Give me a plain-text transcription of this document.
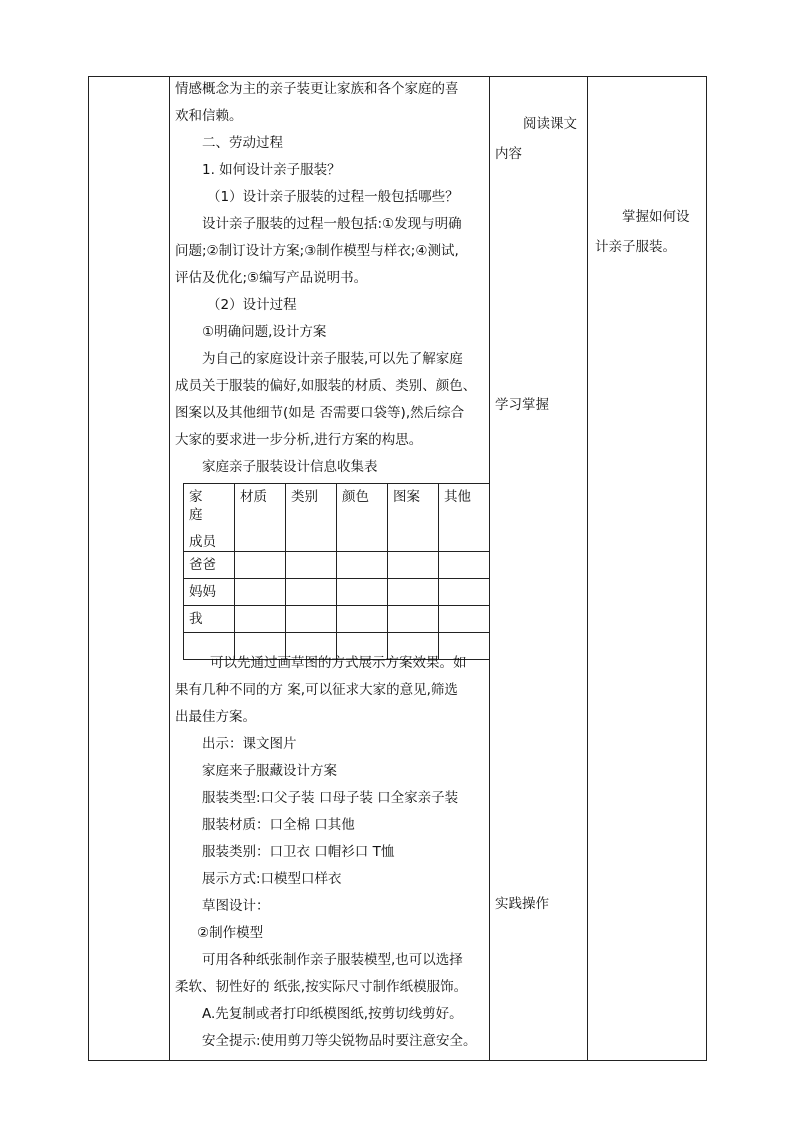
情感概念为主的亲子装更让家族和各个家庭的喜
欢和信赖。
二、劳动过程
1. 如何设计亲子服装？
（1）设计亲子服装的过程一般包括哪些？
设计亲子服装的过程一般包括:①发现与明确
问题;②制订设计方案;③制作模型与样衣;④测试,
评估及优化;⑤编写产品说明书。
（2）设计过程
①明确问题,设计方案
为自己的家庭设计亲子服装,可以先了解家庭
成员关于服装的偏好,如服装的材质、类别、颜色、
图案以及其他细节(如是 否需要口袋等),然后综合
大家的要求进一步分析,进行方案的构思。
家庭亲子服装设计信息收集表
家 庭
成员	材质	类别	颜色	图案	其他
爸爸					
妈妈					
我					

可以先通过画草图的方式展示方案效果。如
果有几种不同的方 案,可以征求大家的意见,筛选
出最佳方案。
出示：课文图片
家庭来子服藏设计方案
服装类型:口父子装 口母子装 口全家亲子装
服装材质：口全棉 口其他
服装类别：口卫衣 口帽衫口 T恤
展示方式:口模型口样衣
草图设计：
②制作模型
可用各种纸张制作亲子服装模型,也可以选择
柔软、韧性好的 纸张,按实际尺寸制作纸模服饰。
A.先复制或者打印纸模图纸,按剪切线剪好。
安全提示:使用剪刀等尖锐物品时要注意安全。
阅读课文
内容
学习掌握
实践操作
掌握如何设
计亲子服装。
